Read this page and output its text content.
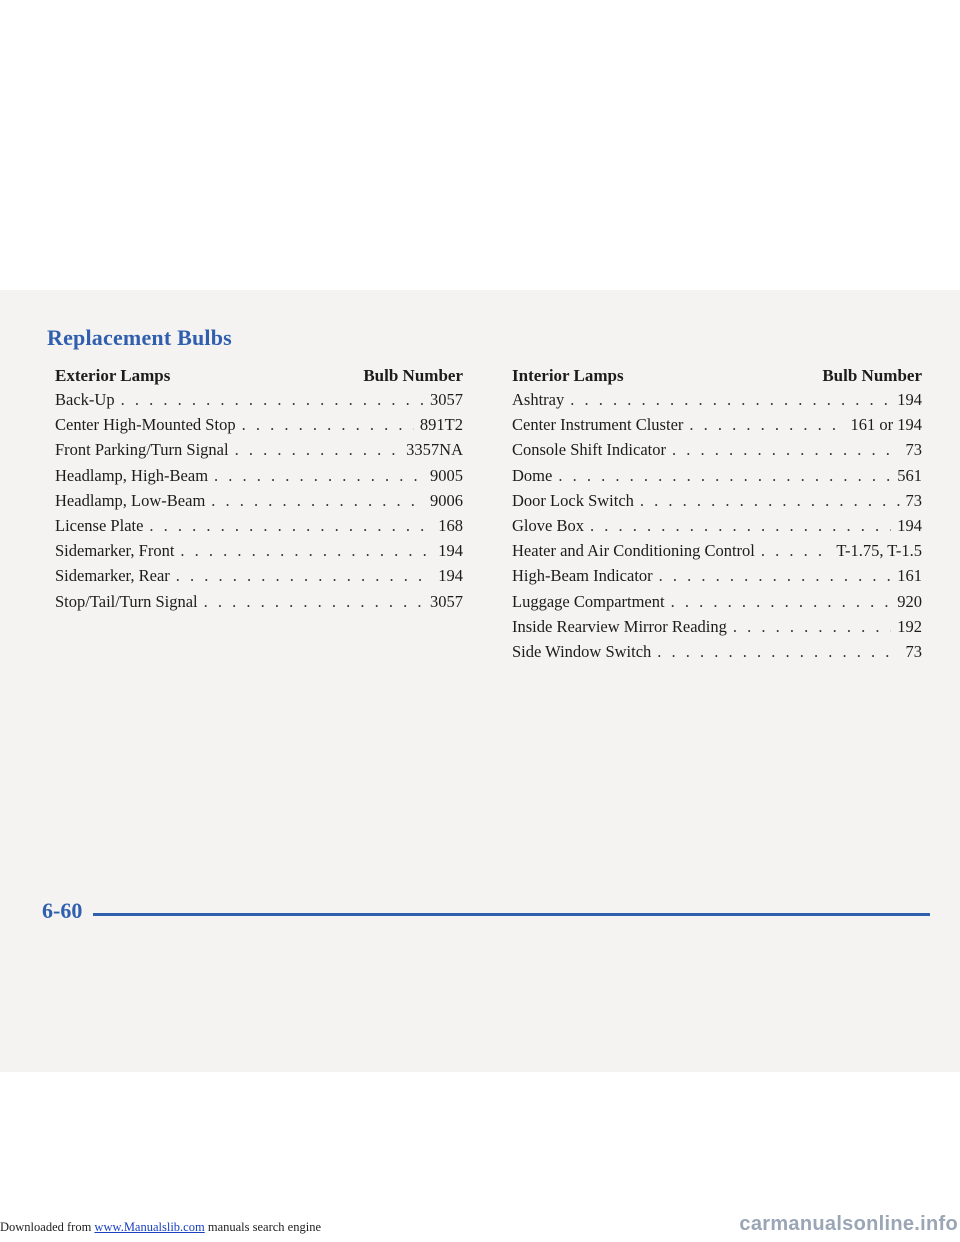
Replacement Bulbs
Exterior Lamps	Bulb Number
Back-Up . . .	3057
Center High-Mounted Stop . . .	891T2
Front Parking/Turn Signal . . .	3357NA
Headlamp, High-Beam . . .	9005
Headlamp, Low-Beam . . .	9006
License Plate . . .	168
Sidemarker, Front . . .	194
Sidemarker, Rear . . .	194
Stop/Tail/Turn Signal . . .	3057
Interior Lamps	Bulb Number
Ashtray . . .	194
Center Instrument Cluster . . .	161 or 194
Console Shift Indicator . . .	73
Dome . . .	561
Door Lock Switch . . .	73
Glove Box . . .	194
Heater and Air Conditioning Control . . .	T-1.75, T-1.5
High-Beam Indicator . . .	161
Luggage Compartment . . .	920
Inside Rearview Mirror Reading . . .	192
Side Window Switch . . .	73
6-60
Downloaded from www.Manualslib.com manuals search engine	carmanualsonline.info
